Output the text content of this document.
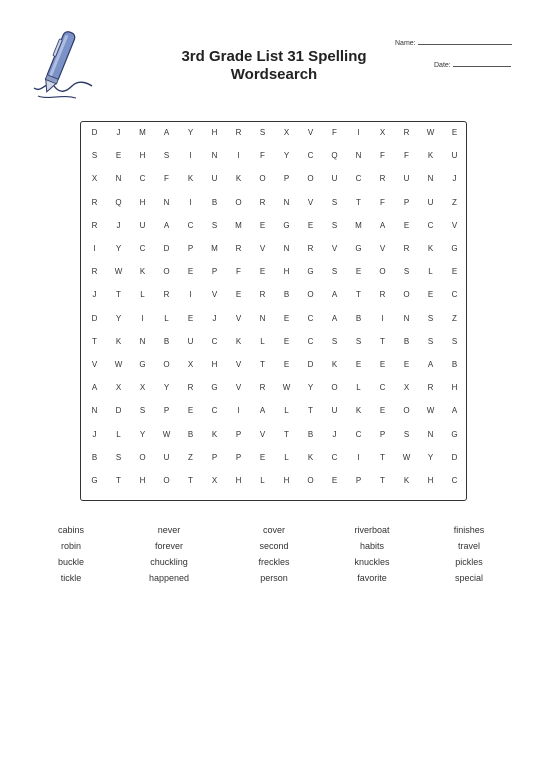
3rd Grade List 31 Spelling
Wordsearch
Name:
Date:
D	J	M	A	Y	H	R	S	X	V	F	I	X	R	W	E
S	E	H	S	I	N	I	F	Y	C	Q	N	F	F	K	U
X	N	C	F	K	U	K	O	P	O	U	C	R	U	N	J
R	Q	H	N	I	B	O	R	N	V	S	T	F	P	U	Z
R	J	U	A	C	S	M	E	G	E	S	M	A	E	C	V
I	Y	C	D	P	M	R	V	N	R	V	G	V	R	K	G
R	W	K	O	E	P	F	E	H	G	S	E	O	S	L	E
J	T	L	R	I	V	E	R	B	O	A	T	R	O	E	C
D	Y	I	L	E	J	V	N	E	C	A	B	I	N	S	Z
T	K	N	B	U	C	K	L	E	C	S	S	T	B	S	S
V	W	G	O	X	H	V	T	E	D	K	E	E	E	A	B
A	X	X	Y	R	G	V	R	W	Y	O	L	C	X	R	H
N	D	S	P	E	C	I	A	L	T	U	K	E	O	W	A
J	L	Y	W	B	K	P	V	T	B	J	C	P	S	N	G
B	S	O	U	Z	P	P	E	L	K	C	I	T	W	Y	D
G	T	H	O	T	X	H	L	H	O	E	P	T	K	H	C
cabins	never	cover	riverboat	finishes
robin	forever	second	habits	travel
buckle	chuckling	freckles	knuckles	pickles
tickle	happened	person	favorite	special
